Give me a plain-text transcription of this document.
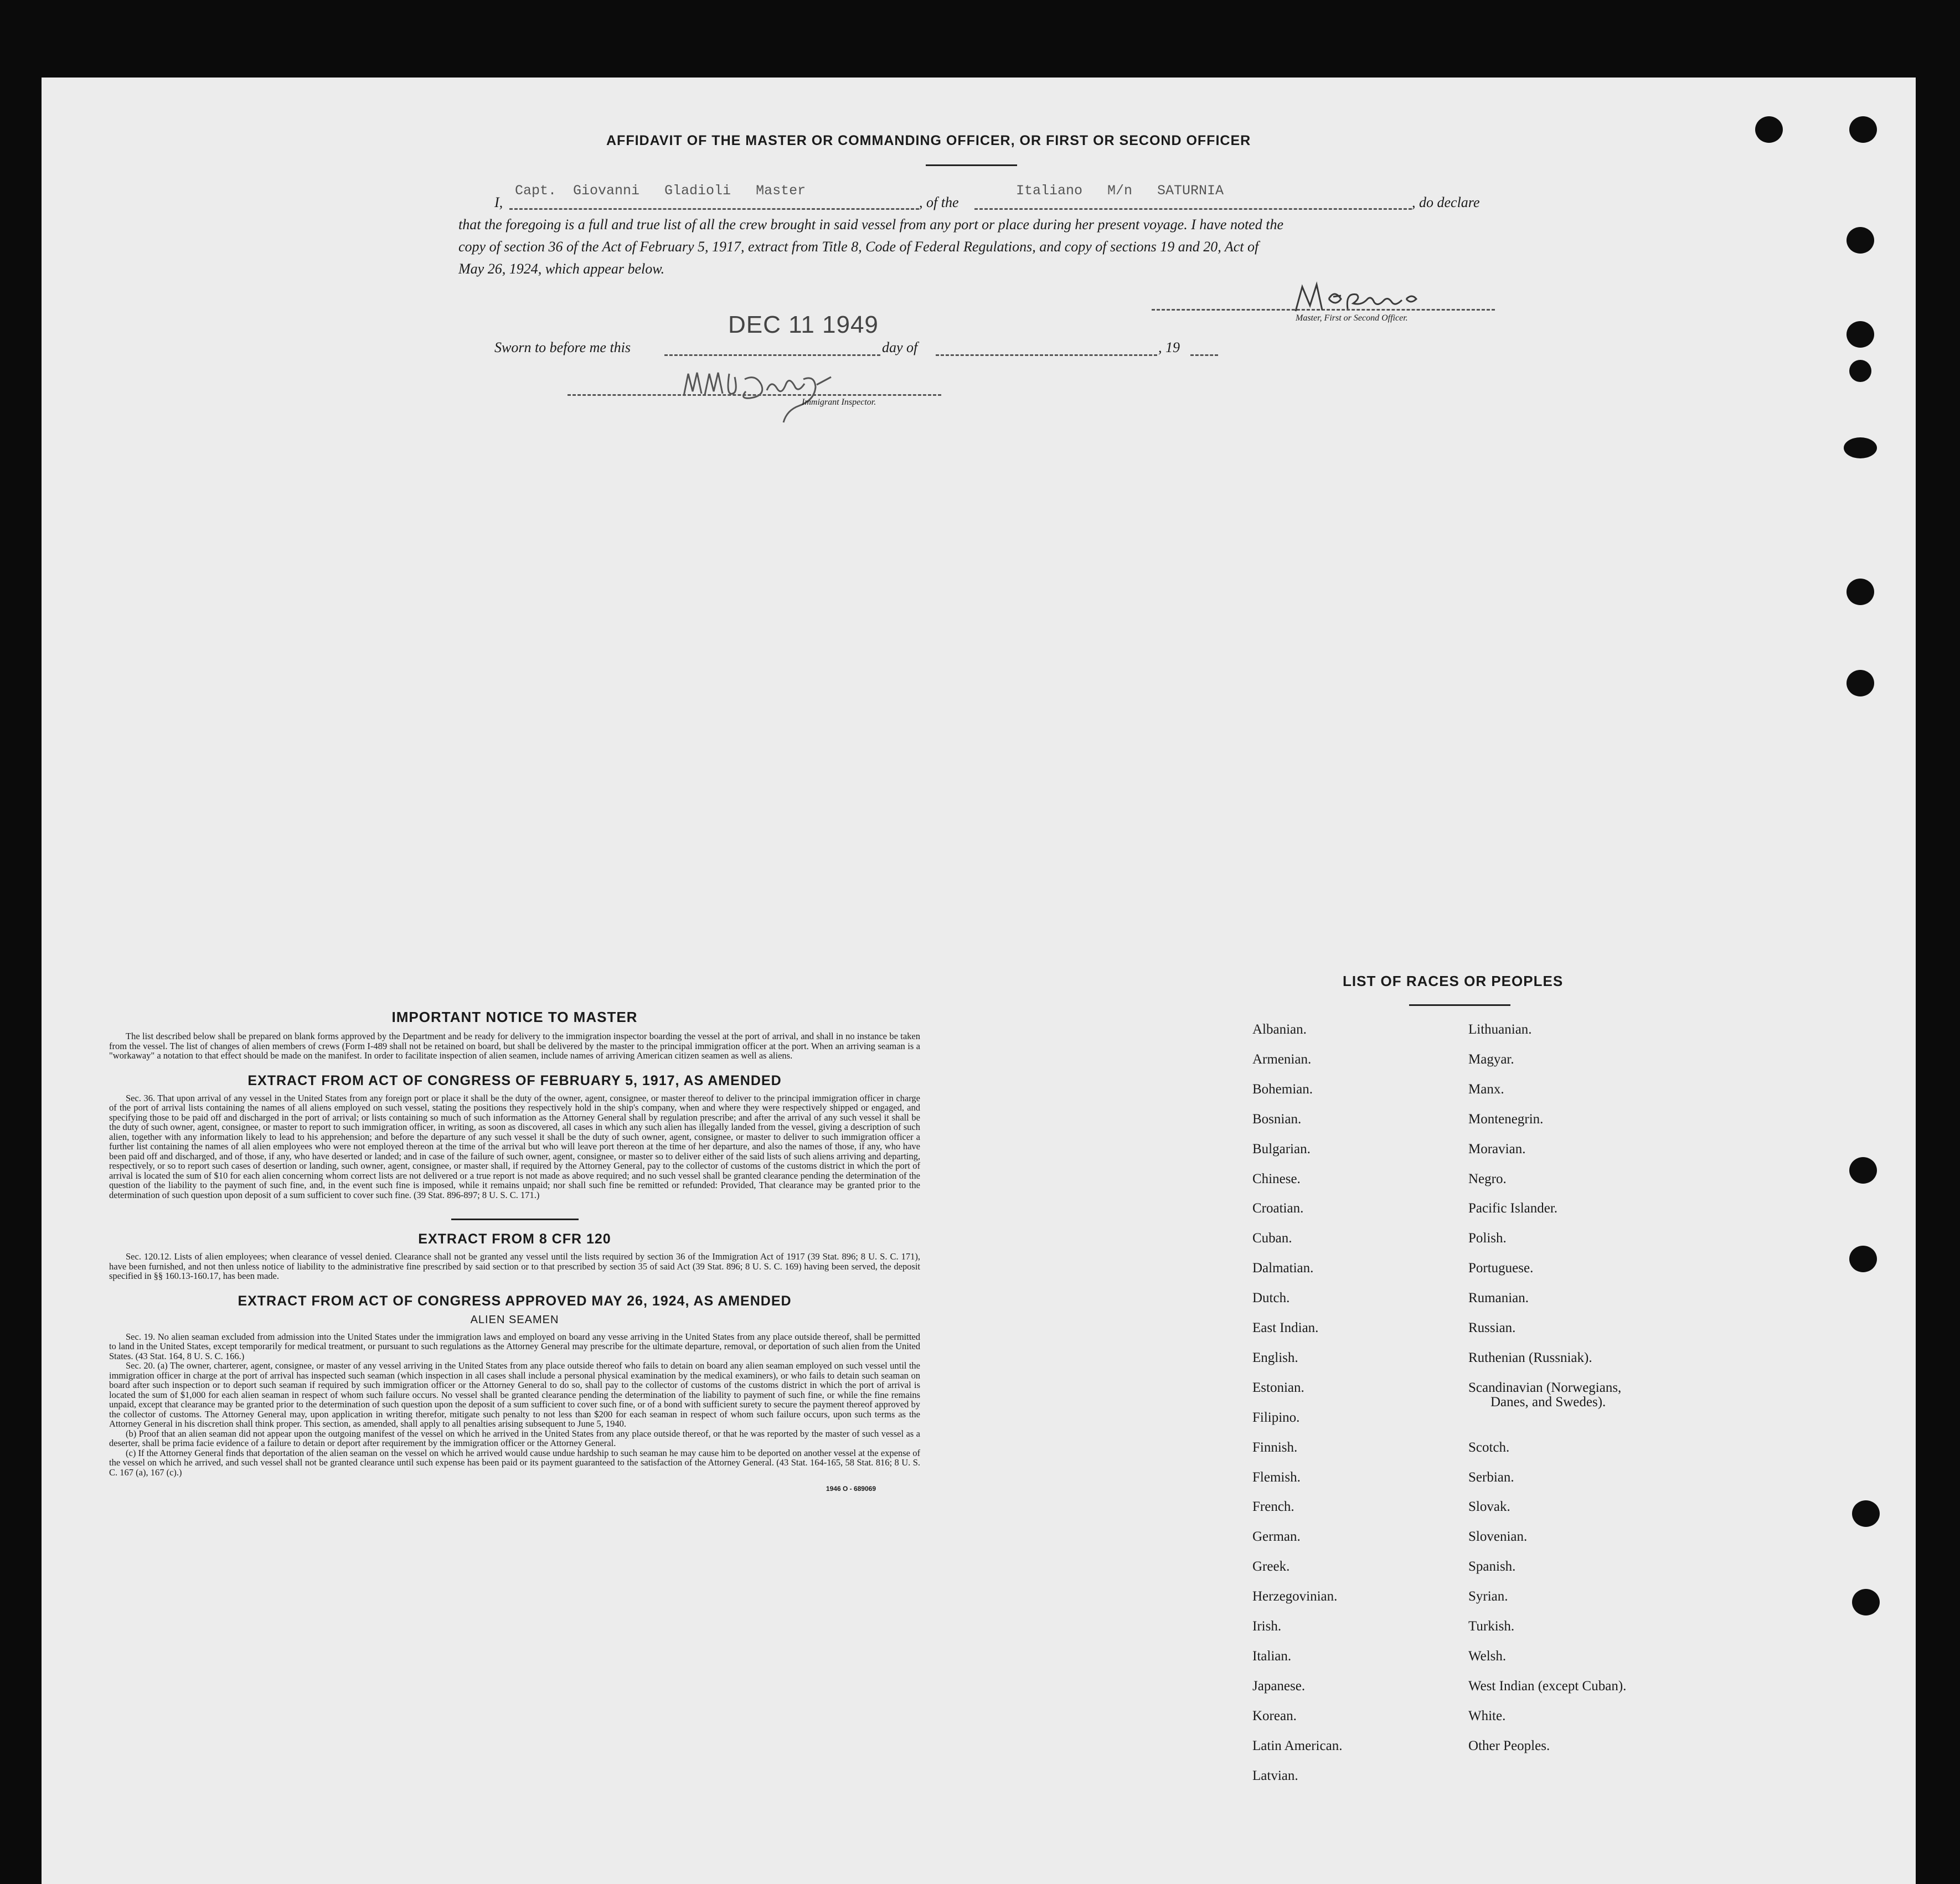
AFFIDAVIT OF THE MASTER OR COMMANDING OFFICER, OR FIRST OR SECOND OFFICER
I,
Capt.  Giovanni   Gladioli   Master
, of the
Italiano   M/n   SATURNIA
, do declare
that the foregoing is a full and true list of all the crew brought in said vessel from any port or place during her present voyage. I have noted the
copy of section 36 of the Act of February 5, 1917, extract from Title 8, Code of Federal Regulations, and copy of sections 19 and 20, Act of
May 26, 1924, which appear below.
Master, First or Second Officer.
Sworn to before me this
DEC 11 1949
day of	, 19
Immigrant Inspector.
IMPORTANT NOTICE TO MASTER

The list described below shall be prepared on blank forms approved by the Department and be ready for delivery to the immigration inspector boarding the vessel at the port of arrival, and shall in no instance be taken from the vessel. The list of changes of alien members of crews (Form I-489 shall not be retained on board, but shall be delivered by the master to the principal immigration officer at the port. When an arriving seaman is a "workaway" a notation to that effect should be made on the manifest. In order to facilitate inspection of alien seamen, include names of arriving American citizen seamen as well as aliens.

EXTRACT FROM ACT OF CONGRESS OF FEBRUARY 5, 1917, AS AMENDED

Sec. 36. That upon arrival of any vessel in the United States from any foreign port or place it shall be the duty of the owner, agent, consignee, or master thereof to deliver to the principal immigration officer in charge of the port of arrival lists containing the names of all aliens employed on such vessel, stating the positions they respectively hold in the ship's company, when and where they were respectively shipped or engaged, and specifying those to be paid off and discharged in the port of arrival; or lists containing so much of such information as the Attorney General shall by regulation prescribe; and after the arrival of any such vessel it shall be the duty of such owner, agent, consignee, or master to report to such immigration officer, in writing, as soon as discovered, all cases in which any such alien has illegally landed from the vessel, giving a description of such alien, together with any information likely to lead to his apprehension; and before the departure of any such vessel it shall be the duty of such owner, agent, consignee, or master to deliver to such immigration officer a further list containing the names of all alien employees who were not employed thereon at the time of the arrival but who will leave port thereon at the time of her departure, and also the names of those, if any, who have been paid off and discharged, and of those, if any, who have deserted or landed; and in case of the failure of such owner, agent, consignee, or master so to deliver either of the said lists of such aliens arriving and departing, respectively, or so to report such cases of desertion or landing, such owner, agent, consignee, or master shall, if required by the Attorney General, pay to the collector of customs of the customs district in which the port of arrival is located the sum of $10 for each alien concerning whom correct lists are not delivered or a true report is not made as above required; and no such vessel shall be granted clearance pending the determination of the question of the liability to the payment of such fine, and, in the event such fine is imposed, while it remains unpaid; nor shall such fine be remitted or refunded: Provided, That clearance may be granted prior to the determination of such question upon deposit of a sum sufficient to cover such fine. (39 Stat. 896-897; 8 U. S. C. 171.)

EXTRACT FROM 8 CFR 120

Sec. 120.12. Lists of alien employees; when clearance of vessel denied. Clearance shall not be granted any vessel until the lists required by section 36 of the Immigration Act of 1917 (39 Stat. 896; 8 U. S. C. 171), have been furnished, and not then unless notice of liability to the administrative fine prescribed by said section or to that prescribed by section 35 of said Act (39 Stat. 896; 8 U. S. C. 169) having been served, the deposit specified in §§ 160.13-160.17, has been made.

EXTRACT FROM ACT OF CONGRESS APPROVED MAY 26, 1924, AS AMENDED
ALIEN SEAMEN

Sec. 19. No alien seaman excluded from admission into the United States under the immigration laws and employed on board any vesse arriving in the United States from any place outside thereof, shall be permitted to land in the United States, except temporarily for medical treatment, or pursuant to such regulations as the Attorney General may prescribe for the ultimate departure, removal, or deportation of such alien from the United States. (43 Stat. 164, 8 U. S. C. 166.)

Sec. 20. (a) The owner, charterer, agent, consignee, or master of any vessel arriving in the United States from any place outside thereof who fails to detain on board any alien seaman employed on such vessel until the immigration officer in charge at the port of arrival has inspected such seaman (which inspection in all cases shall include a personal physical examination by the medical examiners), or who fails to detain such seaman on board after such inspection or to deport such seaman if required by such immigration officer or the Attorney General to do so, shall pay to the collector of customs of the customs district in which the port of arrival is located the sum of $1,000 for each alien seaman in respect of whom such failure occurs. No vessel shall be granted clearance pending the determination of the liability to payment of such fine, or while the fine remains unpaid, except that clearance may be granted prior to the determination of such question upon the deposit of a sum sufficient to cover such fine, or of a bond with sufficient surety to secure the payment thereof approved by the collector of customs. The Attorney General may, upon application in writing therefor, mitigate such penalty to not less than $200 for each seaman in respect of whom such failure occurs, upon such terms as the Attorney General in his discretion shall think proper. This section, as amended, shall apply to all penalties arising subsequent to June 5, 1940.

(b) Proof that an alien seaman did not appear upon the outgoing manifest of the vessel on which he arrived in the United States from any place outside thereof, or that he was reported by the master of such vessel as a deserter, shall be prima facie evidence of a failure to detain or deport after requirement by the immigration officer or the Attorney General.

(c) If the Attorney General finds that deportation of the alien seaman on the vessel on which he arrived would cause undue hardship to such seaman he may cause him to be deported on another vessel at the expense of the vessel on which he arrived, and such vessel shall not be granted clearance until such expense has been paid or its payment guaranteed to the satisfaction of the Attorney General. (43 Stat. 164-165, 58 Stat. 816; 8 U. S. C. 167 (a), 167 (c).)

1946 O - 689069
LIST OF RACES OR PEOPLES
Albanian.
Armenian.
Bohemian.
Bosnian.
Bulgarian.
Chinese.
Croatian.
Cuban.
Dalmatian.
Dutch.
East Indian.
English.
Estonian.
Filipino.
Finnish.
Flemish.
French.
German.
Greek.
Herzegovinian.
Irish.
Italian.
Japanese.
Korean.
Latin American.
Latvian.
Lithuanian.
Magyar.
Manx.
Montenegrin.
Moravian.
Negro.
Pacific Islander.
Polish.
Portuguese.
Rumanian.
Russian.
Ruthenian (Russniak).
Scandinavian (Norwegians,
Danes, and Swedes).
Scotch.
Serbian.
Slovak.
Slovenian.
Spanish.
Syrian.
Turkish.
Welsh.
West Indian (except Cuban).
White.
Other Peoples.
